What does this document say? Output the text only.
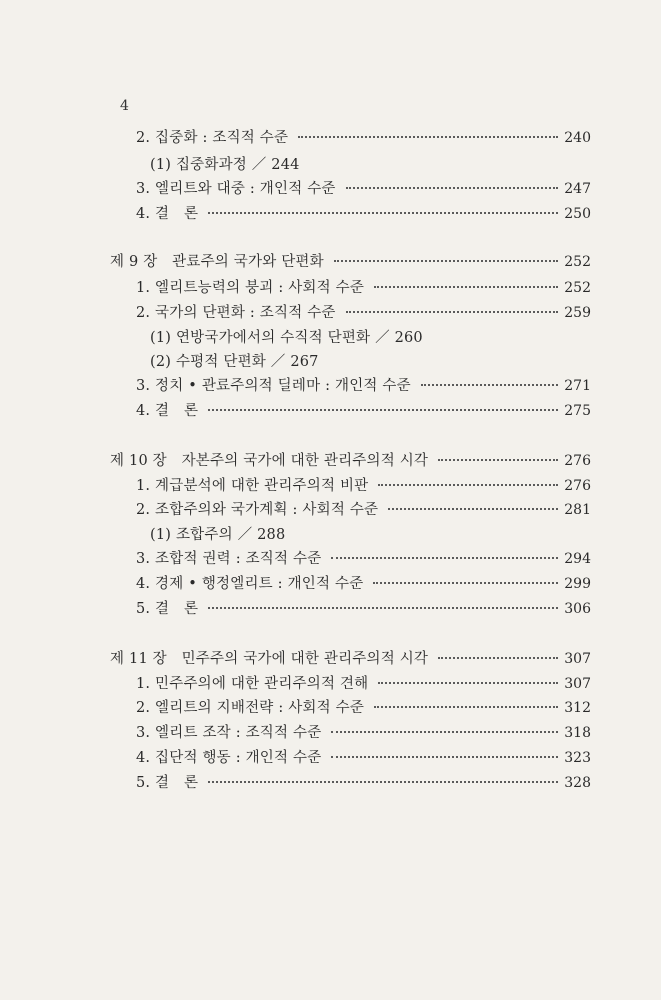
4
2. 집중화 : 조직적 수준	240
(1) 집중화과정 ／ 244
3. 엘리트와 대중 : 개인적 수준	247
4. 결　론	250
제 9 장　관료주의 국가와 단편화	252
1. 엘리트능력의 붕괴 : 사회적 수준	252
2. 국가의 단편화 : 조직적 수준	259
(1) 연방국가에서의 수직적 단편화 ／ 260
(2) 수평적 단편화 ／ 267
3. 정치 • 관료주의적 딜레마 : 개인적 수준	271
4. 결　론	275
제 10 장　자본주의 국가에 대한 관리주의적 시각	276
1. 계급분석에 대한 관리주의적 비판	276
2. 조합주의와 국가계획 : 사회적 수준	281
(1) 조합주의 ／ 288
3. 조합적 권력 : 조직적 수준	294
4. 경제 • 행정엘리트 : 개인적 수준	299
5. 결　론	306
제 11 장　민주주의 국가에 대한 관리주의적 시각	307
1. 민주주의에 대한 관리주의적 견해	307
2. 엘리트의 지배전략 : 사회적 수준	312
3. 엘리트 조작 : 조직적 수준	318
4. 집단적 행동 : 개인적 수준	323
5. 결　론	328
